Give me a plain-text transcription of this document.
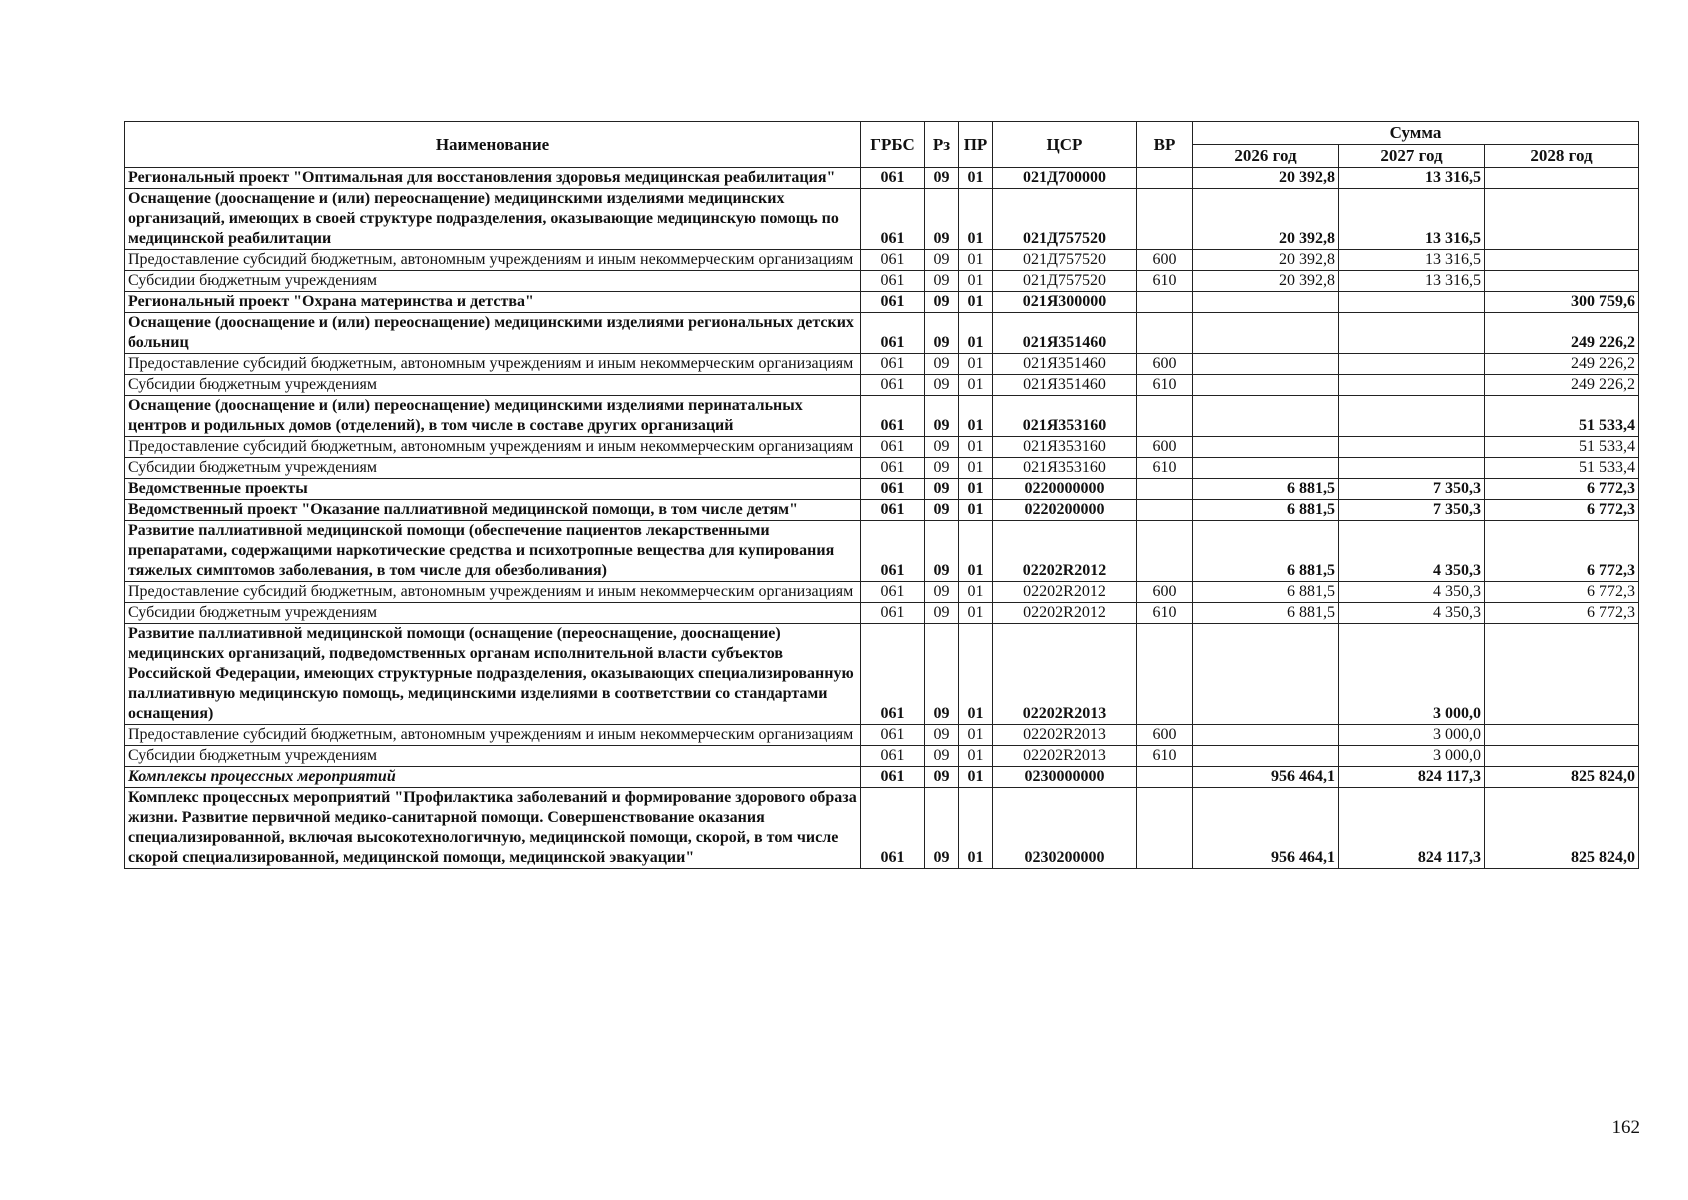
Наименование	ГРБС	Рз	ПР	ЦСР	ВР	Сумма		
						2026 год	2027 год	2028 год
Региональный проект "Оптимальная для восстановления здоровья медицинская реабилитация"	061	09	01	021Д700000		20 392,8	13 316,5	
Оснащение (дооснащение и (или) переоснащение) медицинскими изделиями медицинских организаций, имеющих в своей структуре подразделения, оказывающие медицинскую помощь по медицинской реабилитации	061	09	01	021Д757520		20 392,8	13 316,5	
Предоставление субсидий бюджетным, автономным учреждениям и иным некоммерческим организациям	061	09	01	021Д757520	600	20 392,8	13 316,5	
Субсидии бюджетным учреждениям	061	09	01	021Д757520	610	20 392,8	13 316,5	
Региональный проект "Охрана материнства и детства"	061	09	01	021Я300000				300 759,6
Оснащение (дооснащение и (или) переоснащение) медицинскими изделиями региональных детских больниц	061	09	01	021Я351460				249 226,2
Предоставление субсидий бюджетным, автономным учреждениям и иным некоммерческим организациям	061	09	01	021Я351460	600			249 226,2
Субсидии бюджетным учреждениям	061	09	01	021Я351460	610			249 226,2
Оснащение (дооснащение и (или) переоснащение) медицинскими изделиями перинатальных центров и родильных домов (отделений), в том числе в составе других организаций	061	09	01	021Я353160				51 533,4
Предоставление субсидий бюджетным, автономным учреждениям и иным некоммерческим организациям	061	09	01	021Я353160	600			51 533,4
Субсидии бюджетным учреждениям	061	09	01	021Я353160	610			51 533,4
Ведомственные проекты	061	09	01	0220000000		6 881,5	7 350,3	6 772,3
Ведомственный проект "Оказание паллиативной медицинской помощи, в том числе детям"	061	09	01	0220200000		6 881,5	7 350,3	6 772,3
Развитие паллиативной медицинской помощи (обеспечение пациентов лекарственными препаратами, содержащими наркотические средства и психотропные вещества для купирования тяжелых симптомов заболевания, в том числе для обезболивания)	061	09	01	02202R2012		6 881,5	4 350,3	6 772,3
Предоставление субсидий бюджетным, автономным учреждениям и иным некоммерческим организациям	061	09	01	02202R2012	600	6 881,5	4 350,3	6 772,3
Субсидии бюджетным учреждениям	061	09	01	02202R2012	610	6 881,5	4 350,3	6 772,3
Развитие паллиативной медицинской помощи (оснащение (переоснащение, дооснащение) медицинских организаций, подведомственных органам исполнительной власти субъектов Российской Федерации, имеющих структурные подразделения, оказывающих специализированную паллиативную медицинскую помощь, медицинскими изделиями в соответствии со стандартами оснащения)	061	09	01	02202R2013			3 000,0	
Предоставление субсидий бюджетным, автономным учреждениям и иным некоммерческим организациям	061	09	01	02202R2013	600		3 000,0	
Субсидии бюджетным учреждениям	061	09	01	02202R2013	610		3 000,0	
Комплексы процессных мероприятий	061	09	01	0230000000		956 464,1	824 117,3	825 824,0
Комплекс процессных мероприятий "Профилактика заболеваний и формирование здорового образа жизни. Развитие первичной медико-санитарной помощи. Совершенствование оказания специализированной, включая высокотехнологичную, медицинской помощи, скорой, в том числе скорой специализированной, медицинской помощи, медицинской эвакуации"	061	09	01	0230200000		956 464,1	824 117,3	825 824,0
162
